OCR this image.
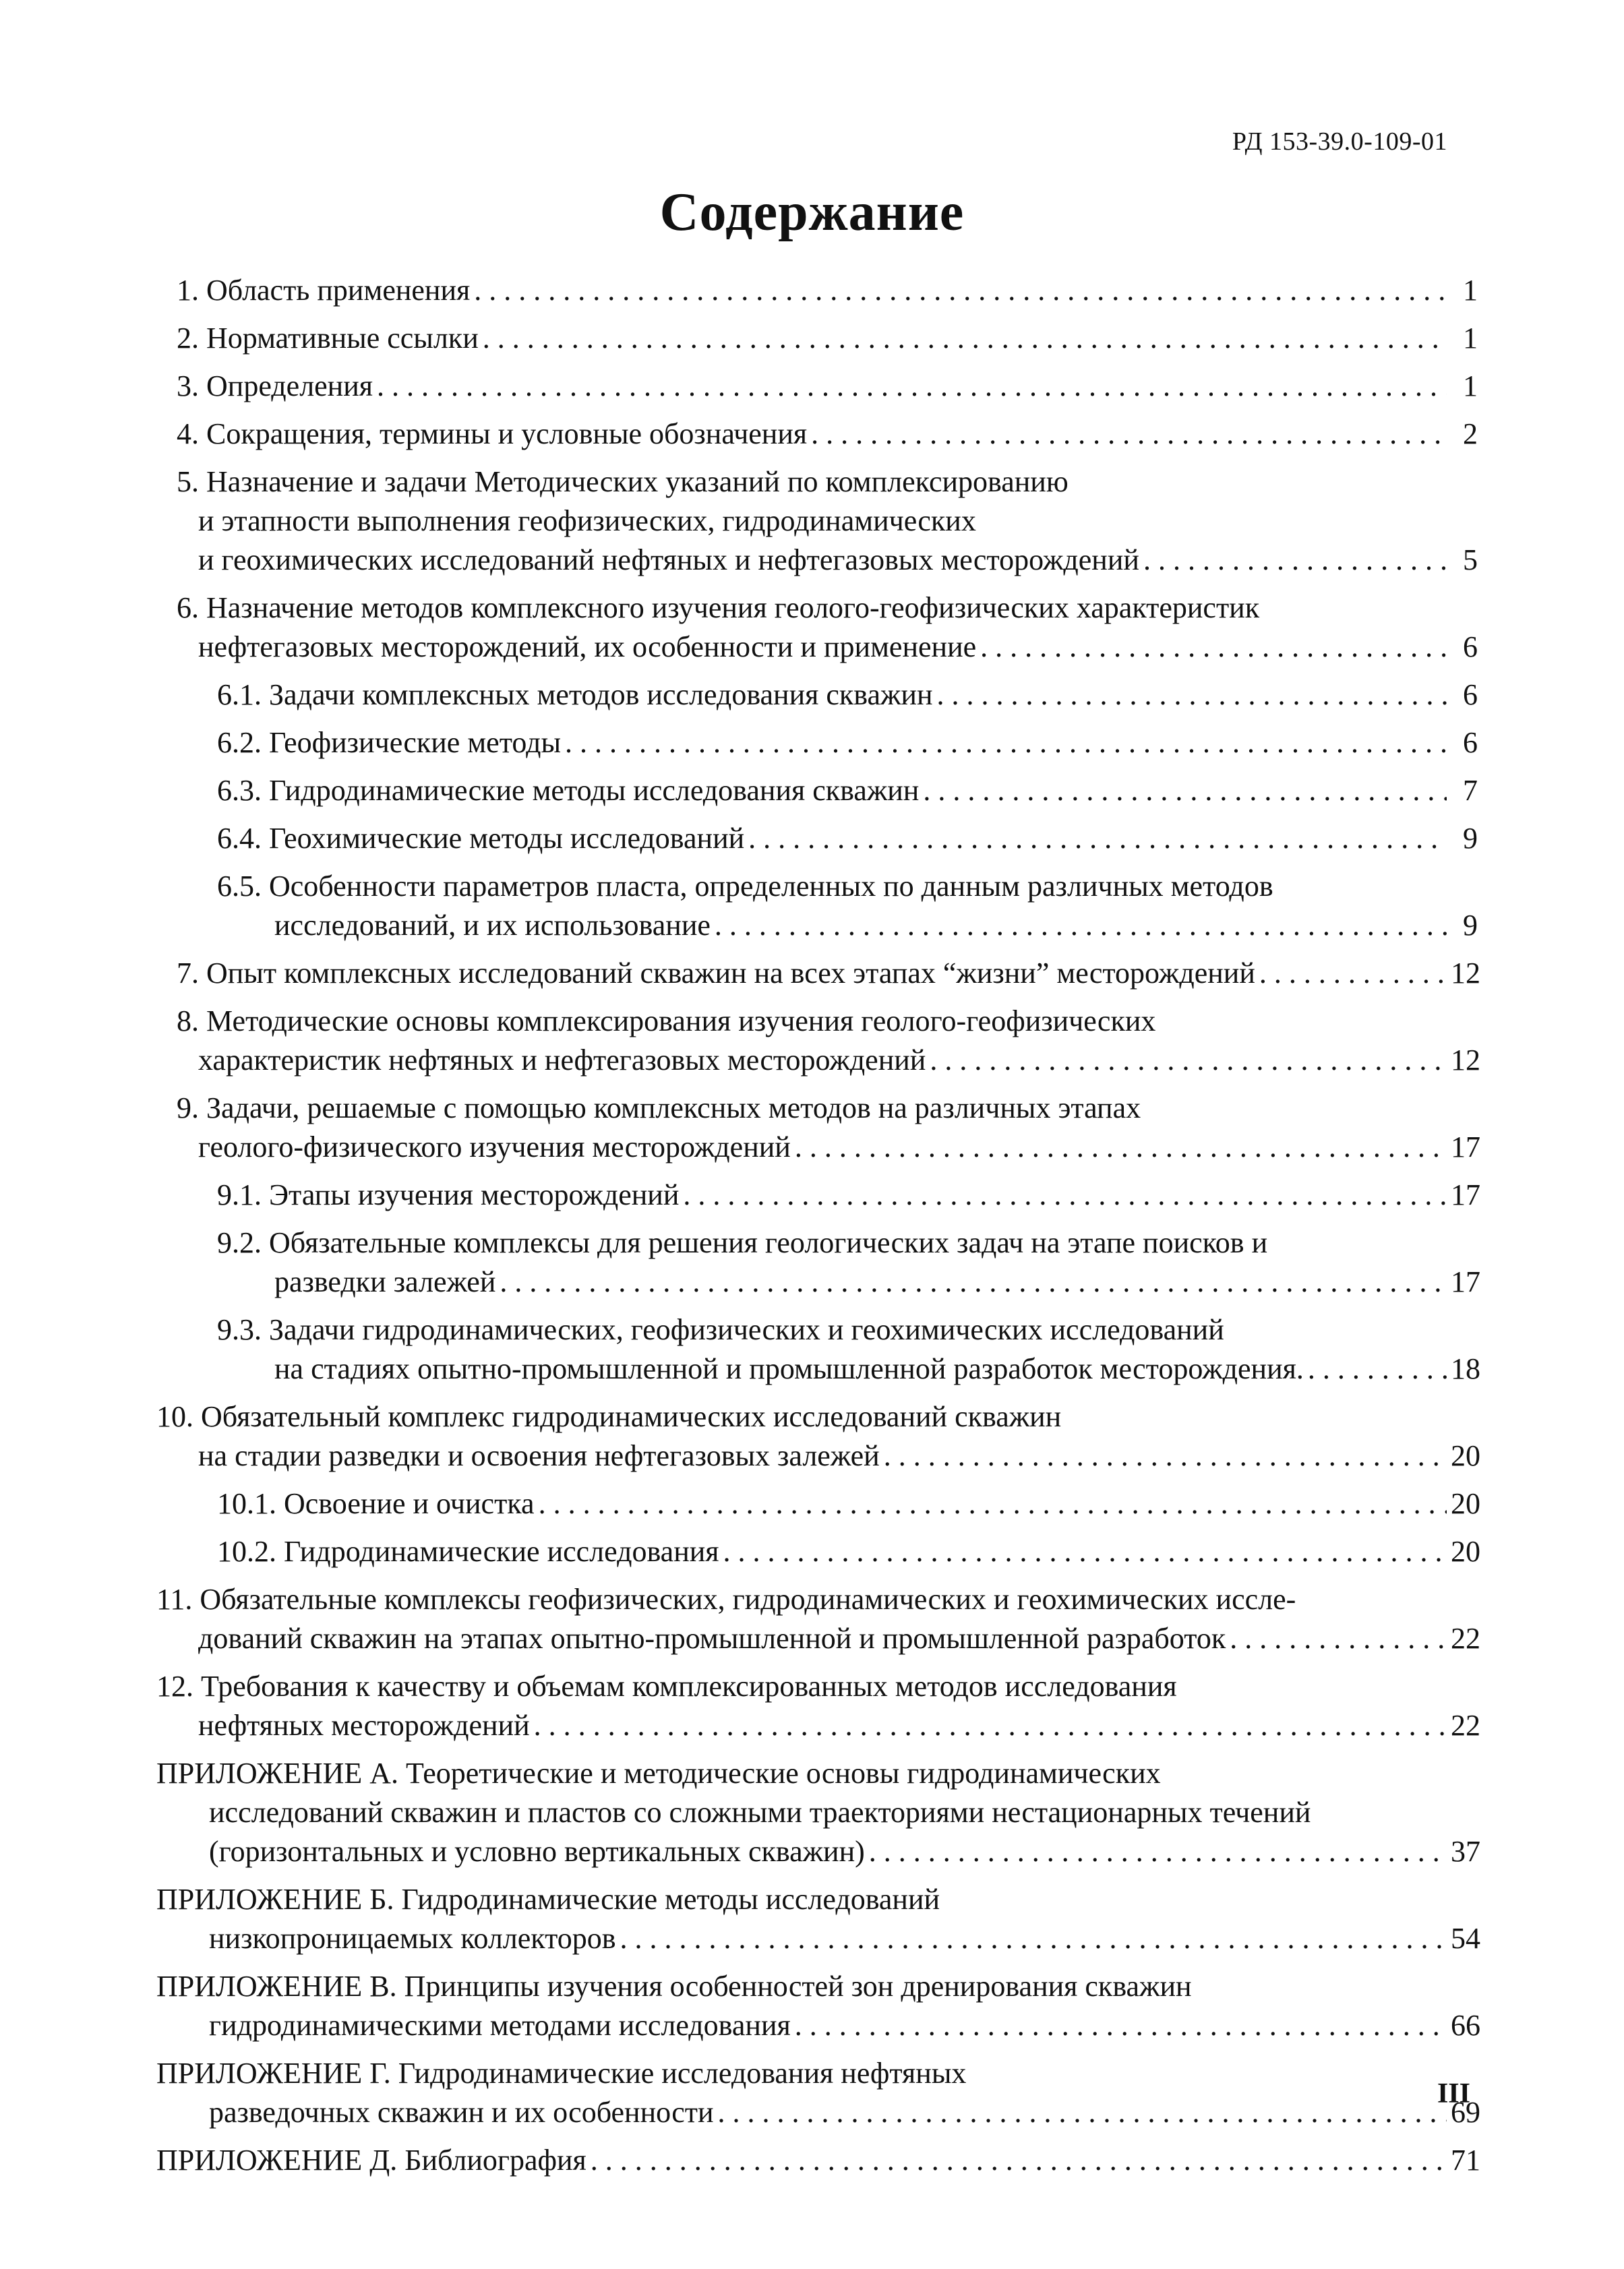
РД 153-39.0-109-01
Содержание
1. Область применения . . .	1
2. Нормативные ссылки . . .	1
3. Определения . . .	1
4. Сокращения, термины и условные обозначения . . .	2
5. Назначение и задачи Методических указаний по комплексированию
и этапности выполнения геофизических, гидродинамических
и геохимических исследований нефтяных и нефтегазовых месторождений . . .	5
6. Назначение методов комплексного изучения геолого-геофизических характеристик
нефтегазовых месторождений, их особенности и применение . . .	6
6.1. Задачи комплексных методов исследования скважин . . .	6
6.2. Геофизические методы . . .	6
6.3. Гидродинамические методы исследования скважин . . .	7
6.4. Геохимические методы исследований . . .	9
6.5. Особенности параметров пласта, определенных по данным различных методов
исследований, и их использование . . .	9
7. Опыт комплексных исследований скважин на всех этапах “жизни” месторождений . . .	12
8. Методические основы комплексирования изучения геолого-геофизических
характеристик нефтяных и нефтегазовых месторождений . . .	12
9. Задачи, решаемые с помощью комплексных методов на различных этапах
геолого-физического изучения месторождений . . .	17
9.1. Этапы изучения месторождений . . .	17
9.2. Обязательные комплексы для решения геологических задач на этапе поисков и
разведки залежей . . .	17
9.3. Задачи гидродинамических, геофизических и геохимических исследований
на стадиях опытно-промышленной и промышленной разработок месторождения. . . .	18
10. Обязательный комплекс гидродинамических исследований скважин
на стадии разведки и освоения нефтегазовых залежей . . .	20
10.1. Освоение и очистка . . .	20
10.2. Гидродинамические исследования . . .	20
11. Обязательные комплексы геофизических, гидродинамических и геохимических иссле-
дований скважин на этапах опытно-промышленной и промышленной разработок . . .	22
12. Требования к качеству и объемам комплексированных методов исследования
нефтяных месторождений . . .	22
ПРИЛОЖЕНИЕ А. Теоретические и методические основы гидродинамических
исследований скважин и пластов со сложными траекториями нестационарных течений
(горизонтальных и условно вертикальных скважин) . . .	37
ПРИЛОЖЕНИЕ Б. Гидродинамические методы исследований
низкопроницаемых коллекторов . . .	54
ПРИЛОЖЕНИЕ В. Принципы изучения особенностей зон дренирования скважин
гидродинамическими методами исследования . . .	66
ПРИЛОЖЕНИЕ Г. Гидродинамические исследования нефтяных
разведочных скважин и их особенности . . .	69
ПРИЛОЖЕНИЕ Д. Библиография . . .	71
III
